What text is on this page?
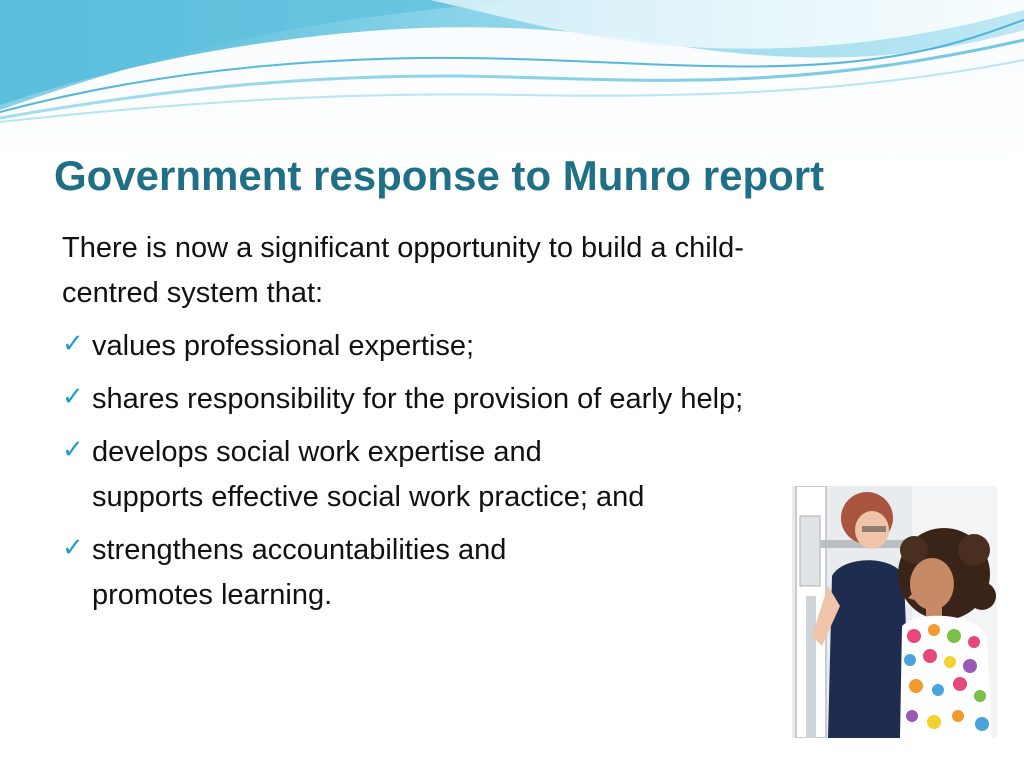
Government response to Munro report

There is now a significant opportunity to build a child-
centred system that:

✓ values professional expertise;
✓ shares responsibility for the provision of early help;
✓ develops social work expertise and
supports effective social work practice; and
✓ strengthens accountabilities and
promotes learning.
